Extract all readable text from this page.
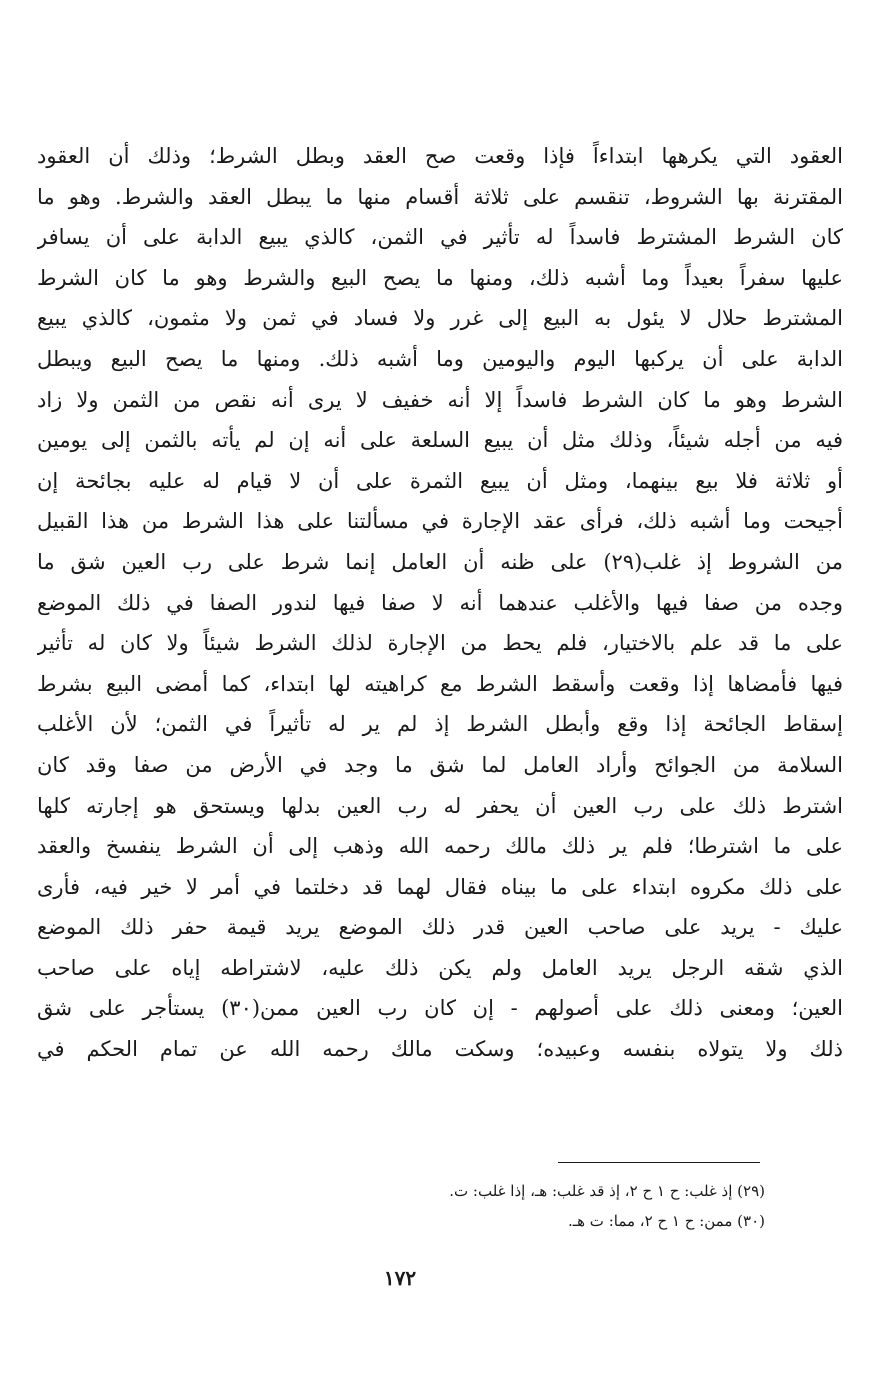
العقود التي يكرهها ابتداءاً فإذا وقعت صح العقد وبطل الشرط؛ وذلك أن العقود
المقترنة بها الشروط، تنقسم على ثلاثة أقسام منها ما يبطل العقد والشرط. وهو ما
كان الشرط المشترط فاسداً له تأثير في الثمن، كالذي يبيع الدابة على أن يسافر
عليها سفراً بعيداً وما أشبه ذلك، ومنها ما يصح البيع والشرط وهو ما كان الشرط
المشترط حلال لا يئول به البيع إلى غرر ولا فساد في ثمن ولا مثمون، كالذي يبيع
الدابة على أن يركبها اليوم واليومين وما أشبه ذلك. ومنها ما يصح البيع ويبطل
الشرط وهو ما كان الشرط فاسداً إلا أنه خفيف لا يرى أنه نقص من الثمن ولا زاد
فيه من أجله شيئاً، وذلك مثل أن يبيع السلعة على أنه إن لم يأته بالثمن إلى يومين
أو ثلاثة فلا بيع بينهما، ومثل أن يبيع الثمرة على أن لا قيام له عليه بجائحة إن
أجيحت وما أشبه ذلك، فرأى عقد الإجارة في مسألتنا على هذا الشرط من هذا القبيل
من الشروط إذ غلب(٢٩) على ظنه أن العامل إنما شرط على رب العين شق ما
وجده من صفا فيها والأغلب عندهما أنه لا صفا فيها لندور الصفا في ذلك الموضع
على ما قد علم بالاختيار، فلم يحط من الإجارة لذلك الشرط شيئاً ولا كان له تأثير
فيها فأمضاها إذا وقعت وأسقط الشرط مع كراهيته لها ابتداء، كما أمضى البيع بشرط
إسقاط الجائحة إذا وقع وأبطل الشرط إذ لم ير له تأثيراً في الثمن؛ لأن الأغلب
السلامة من الجوائح وأراد العامل لما شق ما وجد في الأرض من صفا وقد كان
اشترط ذلك على رب العين أن يحفر له رب العين بدلها ويستحق هو إجارته كلها
على ما اشترطا؛ فلم ير ذلك مالك رحمه الله وذهب إلى أن الشرط ينفسخ والعقد
على ذلك مكروه ابتداء على ما بيناه فقال لهما قد دخلتما في أمر لا خير فيه، فأرى
عليك - يريد على صاحب العين قدر ذلك الموضع يريد قيمة حفر ذلك الموضع
الذي شقه الرجل يريد العامل ولم يكن ذلك عليه، لاشتراطه إياه على صاحب
العين؛ ومعنى ذلك على أصولهم - إن كان رب العين ممن(٣٠) يستأجر على شق
ذلك ولا يتولاه بنفسه وعبيده؛ وسكت مالك رحمه الله عن تمام الحكم في
(٢٩) إذ غلب: ح ١ ح ٢، إذ قد غلب: هـ، إذا غلب: ت.
(٣٠) ممن: ح ١ ح ٢، مما: ت هـ.
١٧٢
